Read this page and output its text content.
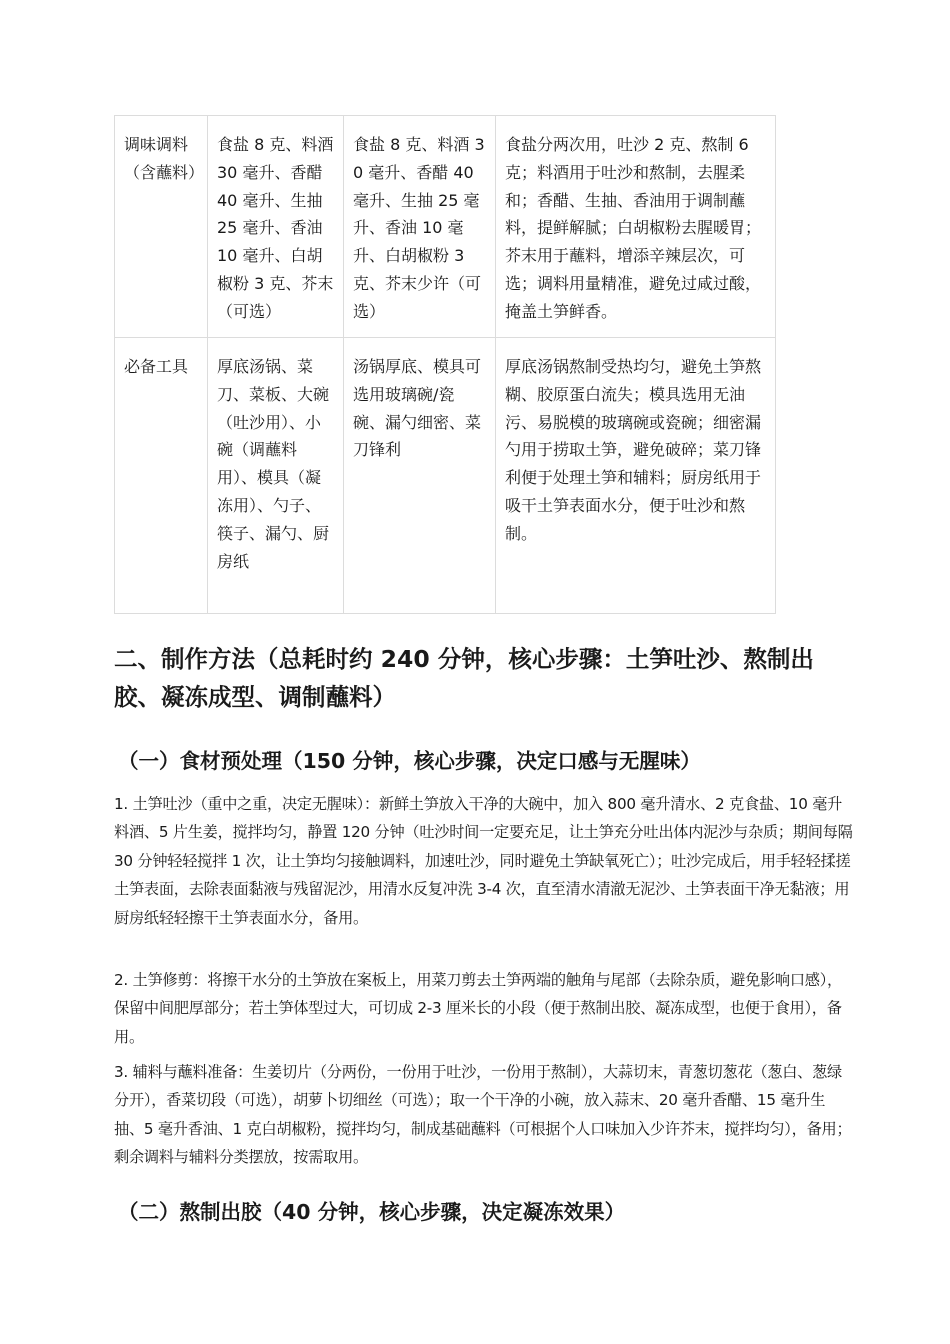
调味调料（含蘸料）	食盐 8 克、料酒 30 毫升、香醋 40 毫升、生抽 25 毫升、香油 10 毫升、白胡椒粉 3 克、芥末（可选）	食盐 8 克、料酒 30 毫升、香醋 40 毫升、生抽 25 毫升、香油 10 毫升、白胡椒粉 3 克、芥末少许（可选）	食盐分两次用，吐沙 2 克、熬制 6 克；料酒用于吐沙和熬制，去腥柔和；香醋、生抽、香油用于调制蘸料，提鲜解腻；白胡椒粉去腥暖胃；芥末用于蘸料，增添辛辣层次，可选；调料用量精准，避免过咸过酸，掩盖土笋鲜香。
必备工具	厚底汤锅、菜刀、菜板、大碗（吐沙用）、小碗（调蘸料用）、模具（凝冻用）、勺子、筷子、漏勺、厨房纸	汤锅厚底、模具可选用玻璃碗/瓷碗、漏勺细密、菜刀锋利	厚底汤锅熬制受热均匀，避免土笋熬糊、胶原蛋白流失；模具选用无油污、易脱模的玻璃碗或瓷碗；细密漏勺用于捞取土笋，避免破碎；菜刀锋利便于处理土笋和辅料；厨房纸用于吸干土笋表面水分，便于吐沙和熬制。
二、制作方法（总耗时约 240 分钟，核心步骤：土笋吐沙、熬制出胶、凝冻成型、调制蘸料）
（一）食材预处理（150 分钟，核心步骤，决定口感与无腥味）

1. 土笋吐沙（重中之重，决定无腥味）：新鲜土笋放入干净的大碗中，加入 800 毫升清水、2 克食盐、10 毫升料酒、5 片生姜，搅拌均匀，静置 120 分钟（吐沙时间一定要充足，让土笋充分吐出体内泥沙与杂质；期间每隔 30 分钟轻轻搅拌 1 次，让土笋均匀接触调料，加速吐沙，同时避免土笋缺氧死亡）；吐沙完成后，用手轻轻揉搓土笋表面，去除表面黏液与残留泥沙，用清水反复冲洗 3-4 次，直至清水清澈无泥沙、土笋表面干净无黏液；用厨房纸轻轻擦干土笋表面水分，备用。

2. 土笋修剪：将擦干水分的土笋放在案板上，用菜刀剪去土笋两端的触角与尾部（去除杂质，避免影响口感），保留中间肥厚部分；若土笋体型过大，可切成 2-3 厘米长的小段（便于熬制出胶、凝冻成型，也便于食用），备用。

3. 辅料与蘸料准备：生姜切片（分两份，一份用于吐沙，一份用于熬制），大蒜切末，青葱切葱花（葱白、葱绿分开），香菜切段（可选），胡萝卜切细丝（可选）；取一个干净的小碗，放入蒜末、20 毫升香醋、15 毫升生抽、5 毫升香油、1 克白胡椒粉，搅拌均匀，制成基础蘸料（可根据个人口味加入少许芥末，搅拌均匀），备用；剩余调料与辅料分类摆放，按需取用。

（二）熬制出胶（40 分钟，核心步骤，决定凝冻效果）
